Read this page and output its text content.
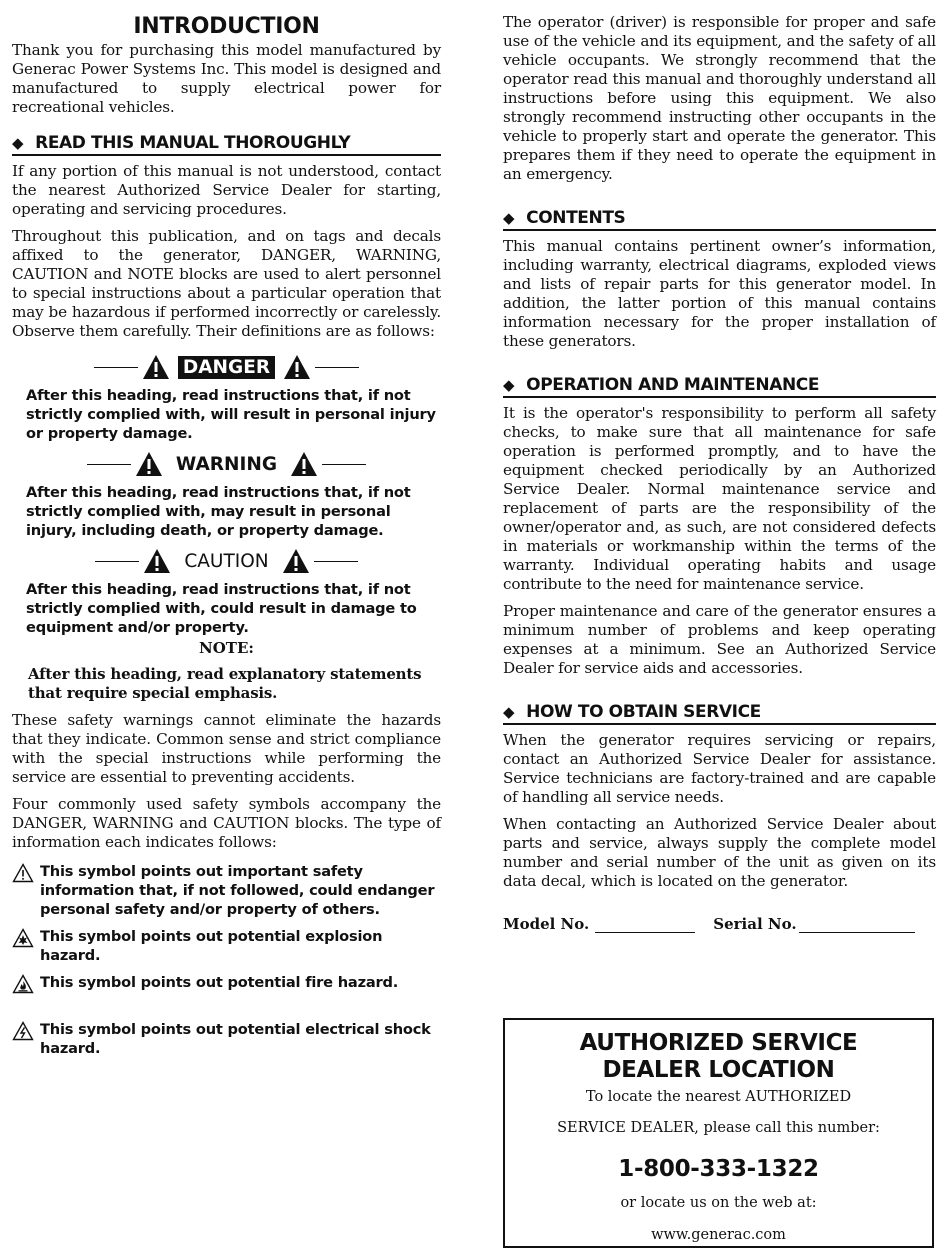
INTRODUCTION

Thank you for purchasing this model manufactured by Generac Power Systems Inc. This model is designed and manufactured to supply electrical power for recreational vehicles.

◆ READ THIS MANUAL THOROUGHLY

If any portion of this manual is not understood, contact the nearest Authorized Service Dealer for starting, operating and servicing procedures.

Throughout this publication, and on tags and decals affixed to the generator, DANGER, WARNING, CAUTION and NOTE blocks are used to alert personnel to special instructions about a particular operation that may be hazardous if performed incorrectly or carelessly. Observe them carefully. Their definitions are as follows:

DANGER

After this heading, read instructions that, if not strictly complied with, will result in personal injury or property damage.

WARNING

After this heading, read instructions that, if not strictly complied with, may result in personal injury, including death, or property damage.

CAUTION

After this heading, read instructions that, if not strictly complied with, could result in damage to equipment and/or property.

NOTE:

After this heading, read explanatory statements that require special emphasis.

These safety warnings cannot eliminate the hazards that they indicate. Common sense and strict compliance with the special instructions while performing the service are essential to preventing accidents.

Four commonly used safety symbols accompany the DANGER, WARNING and CAUTION blocks. The type of information each indicates follows:

This symbol points out important safety information that, if not followed, could endanger personal safety and/or property of others.
This symbol points out potential explosion hazard.
This symbol points out potential fire hazard.
This symbol points out potential electrical shock hazard.

The operator (driver) is responsible for proper and safe use of the vehicle and its equipment, and the safety of all vehicle occupants. We strongly recommend that the operator read this manual and thoroughly understand all instructions before using this equipment. We also strongly recommend instructing other occupants in the vehicle to properly start and operate the generator. This prepares them if they need to operate the equipment in an emergency.

◆ CONTENTS

This manual contains pertinent owner’s information, including warranty, electrical diagrams, exploded views and lists of repair parts for this generator model. In addition, the latter portion of this manual contains information necessary for the proper installation of these generators.

◆ OPERATION AND MAINTENANCE

It is the operator's responsibility to perform all safety checks, to make sure that all maintenance for safe operation is performed promptly, and to have the equipment checked periodically by an Authorized Service Dealer. Normal maintenance service and replacement of parts are the responsibility of the owner/operator and, as such, are not considered defects in materials or workmanship within the terms of the warranty. Individual operating habits and usage contribute to the need for maintenance service.

Proper maintenance and care of the generator ensures a minimum number of problems and keep operating expenses at a minimum. See an Authorized Service Dealer for service aids and accessories.

◆ HOW TO OBTAIN SERVICE

When the generator requires servicing or repairs, contact an Authorized Service Dealer for assistance. Service technicians are factory-trained and are capable of handling all service needs.

When contacting an Authorized Service Dealer about parts and service, always supply the complete model number and serial number of the unit as given on its data decal, which is located on the generator.

Model No.	Serial No.
AUTHORIZED SERVICE
DEALER LOCATION
To locate the nearest AUTHORIZED
SERVICE DEALER, please call this number:
1-800-333-1322
or locate us on the web at:
www.generac.com
